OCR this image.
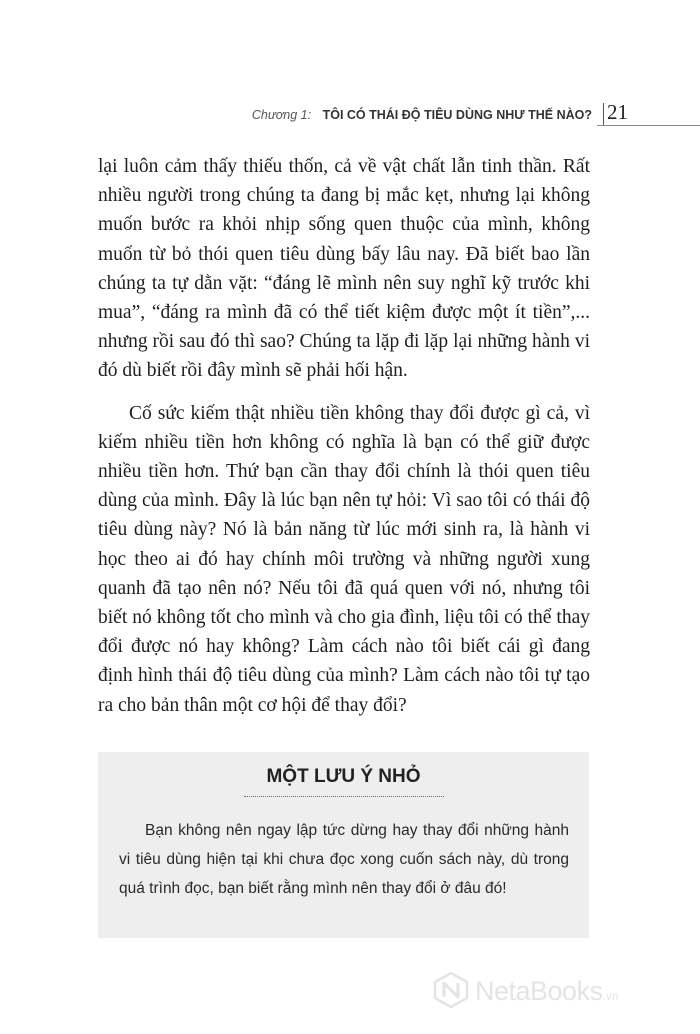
Chương 1: TÔI CÓ THÁI ĐỘ TIÊU DÙNG NHƯ THẾ NÀO? 21

lại luôn cảm thấy thiếu thốn, cả về vật chất lẫn tinh thần. Rất nhiều người trong chúng ta đang bị mắc kẹt, nhưng lại không muốn bước ra khỏi nhịp sống quen thuộc của mình, không muốn từ bỏ thói quen tiêu dùng bấy lâu nay. Đã biết bao lần chúng ta tự dằn vặt: “đáng lẽ mình nên suy nghĩ kỹ trước khi mua”, “đáng ra mình đã có thể tiết kiệm được một ít tiền”,... nhưng rồi sau đó thì sao? Chúng ta lặp đi lặp lại những hành vi đó dù biết rồi đây mình sẽ phải hối hận.

Cố sức kiếm thật nhiều tiền không thay đổi được gì cả, vì kiếm nhiều tiền hơn không có nghĩa là bạn có thể giữ được nhiều tiền hơn. Thứ bạn cần thay đổi chính là thói quen tiêu dùng của mình. Đây là lúc bạn nên tự hỏi: Vì sao tôi có thái độ tiêu dùng này? Nó là bản năng từ lúc mới sinh ra, là hành vi học theo ai đó hay chính môi trường và những người xung quanh đã tạo nên nó? Nếu tôi đã quá quen với nó, nhưng tôi biết nó không tốt cho mình và cho gia đình, liệu tôi có thể thay đổi được nó hay không? Làm cách nào tôi biết cái gì đang định hình thái độ tiêu dùng của mình? Làm cách nào tôi tự tạo ra cho bản thân một cơ hội để thay đổi?

MỘT LƯU Ý NHỎ

Bạn không nên ngay lập tức dừng hay thay đổi những hành vi tiêu dùng hiện tại khi chưa đọc xong cuốn sách này, dù trong quá trình đọc, bạn biết rằng mình nên thay đổi ở đâu đó!

NetaBooks.vn
